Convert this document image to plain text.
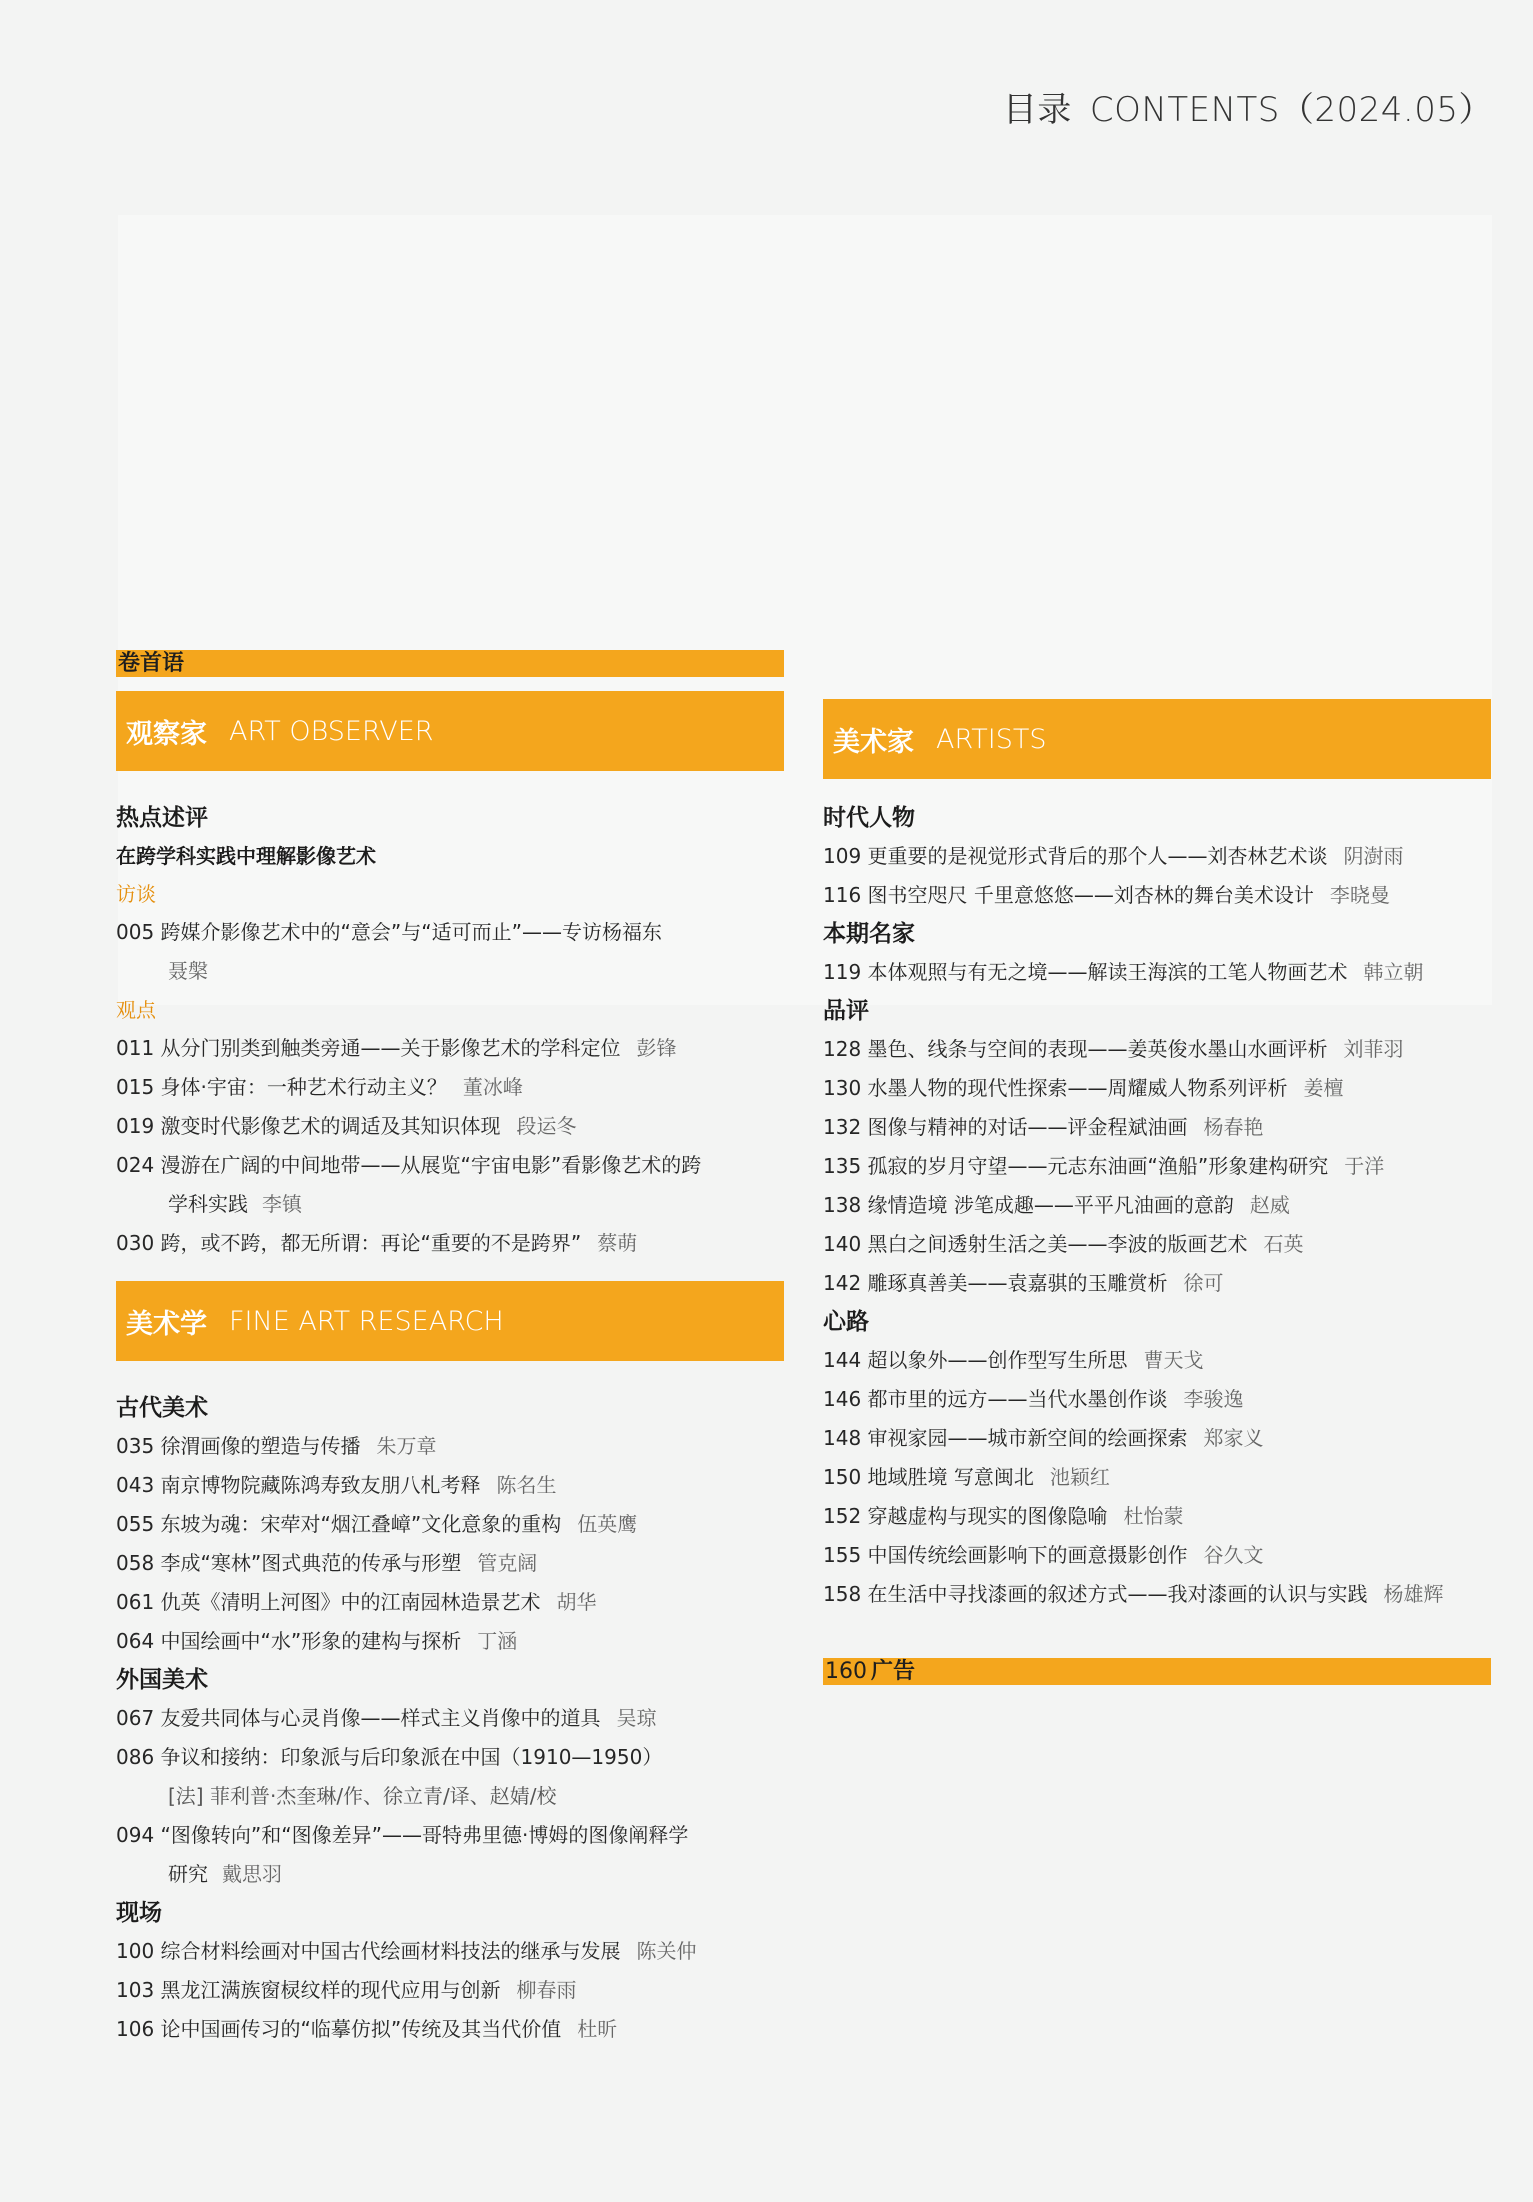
目录 CONTENTS（2024.05）
卷首语
观察家 ART OBSERVER
热点述评
在跨学科实践中理解影像艺术
访谈
005 跨媒介影像艺术中的“意会”与“适可而止”——专访杨福东
聂槃
观点
011 从分门别类到触类旁通——关于影像艺术的学科定位 彭锋
015 身体·宇宙：一种艺术行动主义？ 董冰峰
019 激变时代影像艺术的调适及其知识体现 段运冬
024 漫游在广阔的中间地带——从展览“宇宙电影”看影像艺术的跨
学科实践 李镇
030 跨，或不跨，都无所谓：再论“重要的不是跨界” 蔡萌
美术学 FINE ART RESEARCH
古代美术
035 徐渭画像的塑造与传播 朱万章
043 南京博物院藏陈鸿寿致友朋八札考释 陈名生
055 东坡为魂：宋荦对“烟江叠嶂”文化意象的重构 伍英鹰
058 李成“寒林”图式典范的传承与形塑 管克阔
061 仇英《清明上河图》中的江南园林造景艺术 胡华
064 中国绘画中“水”形象的建构与探析 丁涵
外国美术
067 友爱共同体与心灵肖像——样式主义肖像中的道具 吴琼
086 争议和接纳：印象派与后印象派在中国（1910—1950）
[法] 菲利普·杰奎琳/作、徐立青/译、赵婧/校
094 “图像转向”和“图像差异”——哥特弗里德·博姆的图像阐释学
研究 戴思羽
现场
100 综合材料绘画对中国古代绘画材料技法的继承与发展 陈关仲
103 黑龙江满族窗棂纹样的现代应用与创新 柳春雨
106 论中国画传习的“临摹仿拟”传统及其当代价值 杜昕
美术家 ARTISTS
时代人物
109 更重要的是视觉形式背后的那个人——刘杏林艺术谈 阴澍雨
116 图书空咫尺 千里意悠悠——刘杏林的舞台美术设计 李晓曼
本期名家
119 本体观照与有无之境——解读王海滨的工笔人物画艺术 韩立朝
品评
128 墨色、线条与空间的表现——姜英俊水墨山水画评析 刘菲羽
130 水墨人物的现代性探索——周耀威人物系列评析 姜檀
132 图像与精神的对话——评金程斌油画 杨春艳
135 孤寂的岁月守望——元志东油画“渔船”形象建构研究 于洋
138 缘情造境 涉笔成趣——平平凡油画的意韵 赵威
140 黑白之间透射生活之美——李波的版画艺术 石英
142 雕琢真善美——袁嘉骐的玉雕赏析 徐可
心路
144 超以象外——创作型写生所思 曹天戈
146 都市里的远方——当代水墨创作谈 李骏逸
148 审视家园——城市新空间的绘画探索 郑家义
150 地域胜境 写意闽北 池颖红
152 穿越虚构与现实的图像隐喻 杜怡蒙
155 中国传统绘画影响下的画意摄影创作 谷久文
158 在生活中寻找漆画的叙述方式——我对漆画的认识与实践 杨雄辉
160 广告
